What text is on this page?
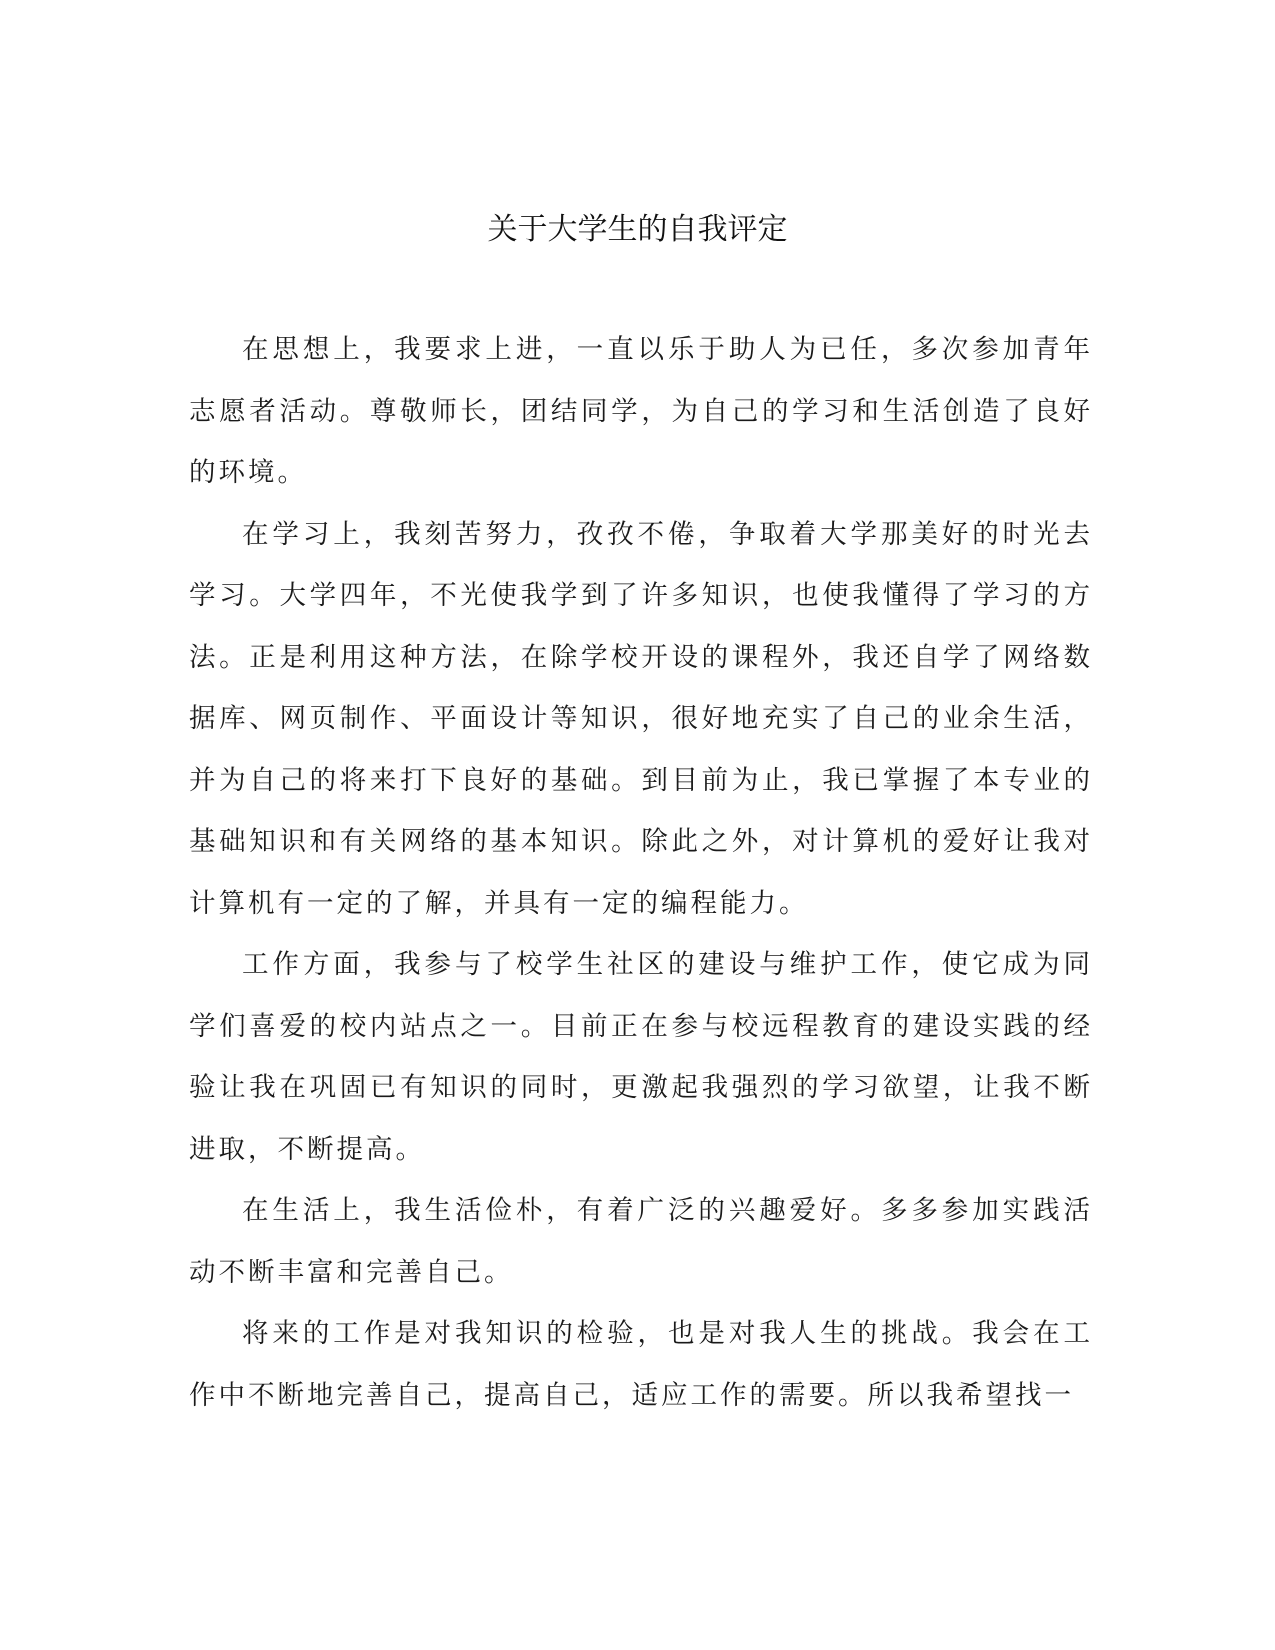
关于大学生的自我评定

在思想上，我要求上进，一直以乐于助人为已任，多次参加青年志愿者活动。尊敬师长，团结同学，为自己的学习和生活创造了良好的环境。

在学习上，我刻苦努力，孜孜不倦，争取着大学那美好的时光去学习。大学四年，不光使我学到了许多知识，也使我懂得了学习的方法。正是利用这种方法，在除学校开设的课程外，我还自学了网络数据库、网页制作、平面设计等知识，很好地充实了自己的业余生活，并为自己的将来打下良好的基础。到目前为止，我已掌握了本专业的基础知识和有关网络的基本知识。除此之外，对计算机的爱好让我对计算机有一定的了解，并具有一定的编程能力。

工作方面，我参与了校学生社区的建设与维护工作，使它成为同学们喜爱的校内站点之一。目前正在参与校远程教育的建设实践的经验让我在巩固已有知识的同时，更激起我强烈的学习欲望，让我不断进取，不断提高。

在生活上，我生活俭朴，有着广泛的兴趣爱好。多多参加实践活动不断丰富和完善自己。

将来的工作是对我知识的检验，也是对我人生的挑战。我会在工作中不断地完善自己，提高自己，适应工作的需要。所以我希望找一
